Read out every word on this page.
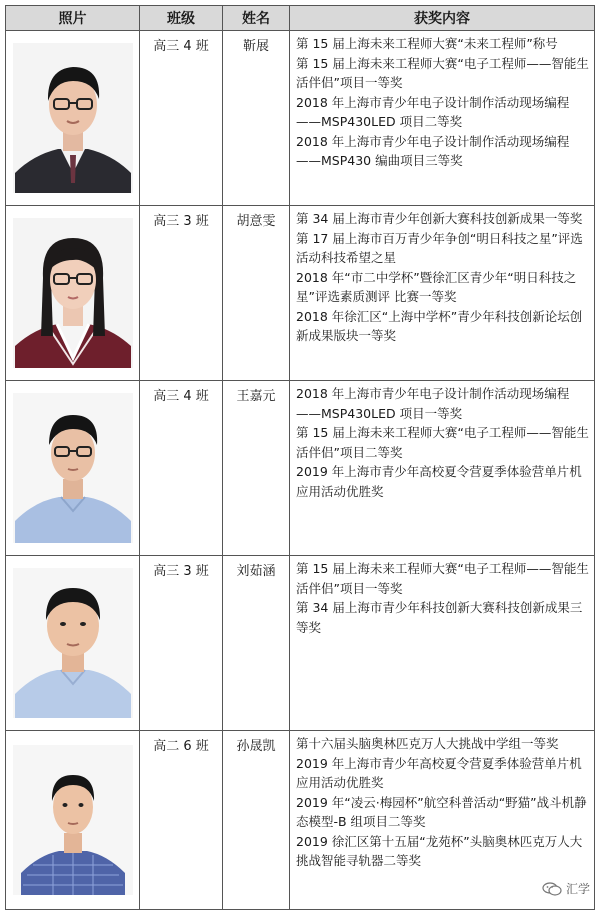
照片	班级	姓名	获奖内容

	高三 4 班	靳展	第 15 届上海未来工程师大赛“未来工程师”称号
第 15 届上海未来工程师大赛“电子工程师——智能生活伴侣”项目一等奖
2018 年上海市青少年电子设计制作活动现场编程——MSP430LED 项目二等奖
2018 年上海市青少年电子设计制作活动现场编程——MSP430 编曲项目三等奖

	高三 3 班	胡意雯	第 34 届上海市青少年创新大赛科技创新成果一等奖
第 17 届上海市百万青少年争创“明日科技之星”评选活动科技希望之星
2018 年“市二中学杯”暨徐汇区青少年“明日科技之星”评选素质测评 比赛一等奖
2018 年徐汇区“上海中学杯”青少年科技创新论坛创新成果版块一等奖

	高三 4 班	王嘉元	2018 年上海市青少年电子设计制作活动现场编程——MSP430LED 项目一等奖
第 15 届上海未来工程师大赛“电子工程师——智能生活伴侣”项目二等奖
2019 年上海市青少年高校夏令营夏季体验营单片机应用活动优胜奖

	高三 3 班	刘茹涵	第 15 届上海未来工程师大赛“电子工程师——智能生活伴侣”项目一等奖
第 34 届上海市青少年科技创新大赛科技创新成果三等奖

	高二 6 班	孙晟凯	第十六届头脑奥林匹克万人大挑战中学组一等奖
2019 年上海市青少年高校夏令营夏季体验营单片机应用活动优胜奖
2019 年“凌云·梅园杯”航空科普活动“野猫”战斗机静态模型-B 组项目二等奖
2019 徐汇区第十五届“龙苑杯”头脑奥林匹克万人大挑战智能寻轨器二等奖
汇学
